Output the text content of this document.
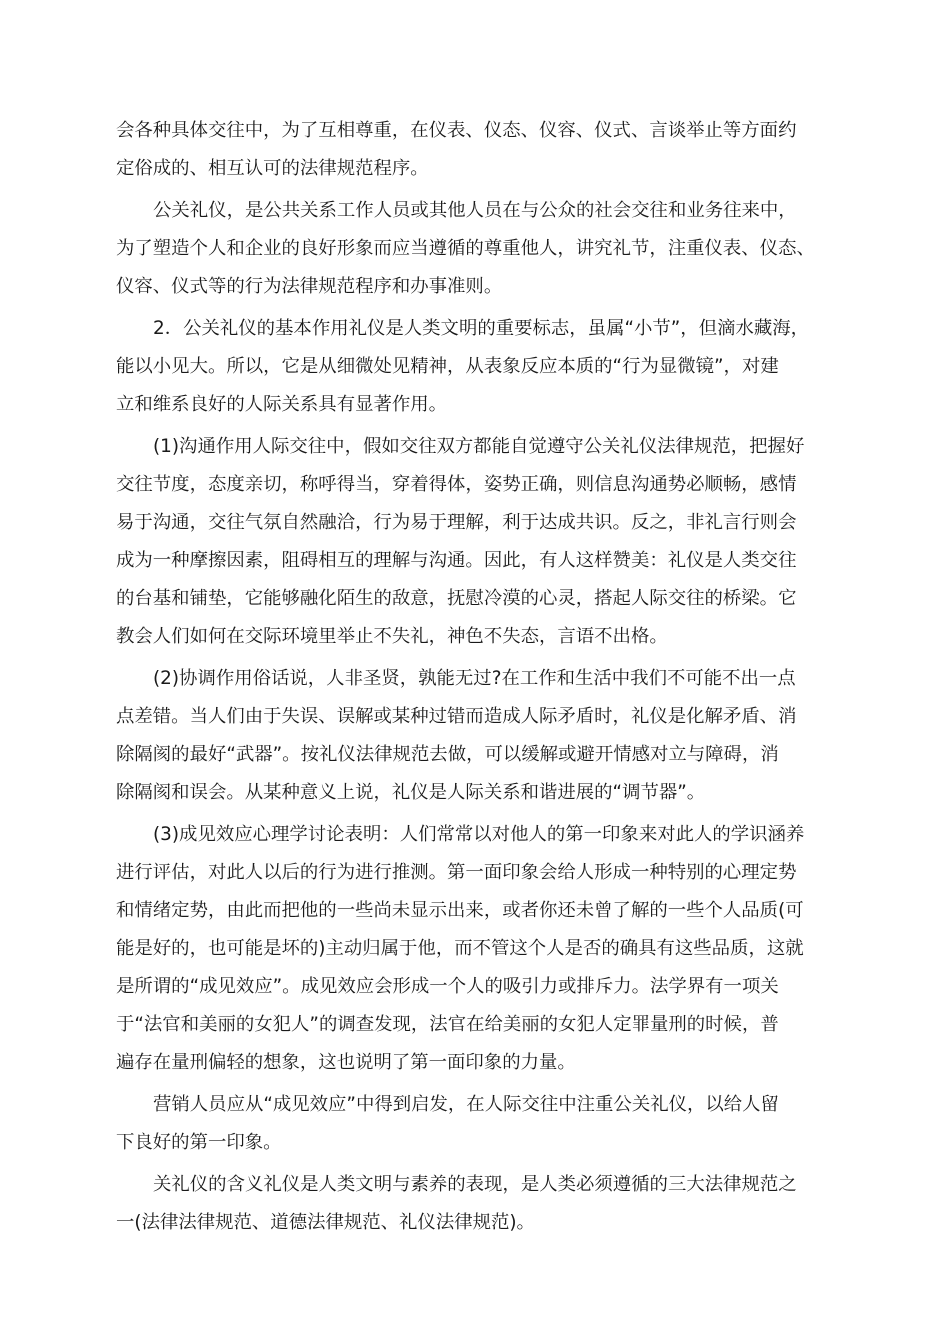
会各种具体交往中，为了互相尊重，在仪表、仪态、仪容、仪式、言谈举止等方面约
定俗成的、相互认可的法律规范程序。
公关礼仪，是公共关系工作人员或其他人员在与公众的社会交往和业务往来中，
为了塑造个人和企业的良好形象而应当遵循的尊重他人，讲究礼节，注重仪表、仪态、
仪容、仪式等的行为法律规范程序和办事准则。
2．公关礼仪的基本作用礼仪是人类文明的重要标志，虽属“小节”，但滴水藏海，
能以小见大。所以，它是从细微处见精神，从表象反应本质的“行为显微镜”，对建
立和维系良好的人际关系具有显著作用。
(1)沟通作用人际交往中，假如交往双方都能自觉遵守公关礼仪法律规范，把握好
交往节度，态度亲切，称呼得当，穿着得体，姿势正确，则信息沟通势必顺畅，感情
易于沟通，交往气氛自然融洽，行为易于理解，利于达成共识。反之，非礼言行则会
成为一种摩擦因素，阻碍相互的理解与沟通。因此，有人这样赞美：礼仪是人类交往
的台基和铺垫，它能够融化陌生的敌意，抚慰冷漠的心灵，搭起人际交往的桥梁。它
教会人们如何在交际环境里举止不失礼，神色不失态，言语不出格。
(2)协调作用俗话说，人非圣贤，孰能无过?在工作和生活中我们不可能不出一点
点差错。当人们由于失误、误解或某种过错而造成人际矛盾时，礼仪是化解矛盾、消
除隔阂的最好“武器”。按礼仪法律规范去做，可以缓解或避开情感对立与障碍，消
除隔阂和误会。从某种意义上说，礼仪是人际关系和谐进展的“调节器”。
(3)成见效应心理学讨论表明：人们常常以对他人的第一印象来对此人的学识涵养
进行评估，对此人以后的行为进行推测。第一面印象会给人形成一种特别的心理定势
和情绪定势，由此而把他的一些尚未显示出来，或者你还未曾了解的一些个人品质(可
能是好的，也可能是坏的)主动归属于他，而不管这个人是否的确具有这些品质，这就
是所谓的“成见效应”。成见效应会形成一个人的吸引力或排斥力。法学界有一项关
于“法官和美丽的女犯人”的调查发现，法官在给美丽的女犯人定罪量刑的时候，普
遍存在量刑偏轻的想象，这也说明了第一面印象的力量。
营销人员应从“成见效应”中得到启发，在人际交往中注重公关礼仪，以给人留
下良好的第一印象。
关礼仪的含义礼仪是人类文明与素养的表现，是人类必须遵循的三大法律规范之
一(法律法律规范、道德法律规范、礼仪法律规范)。
